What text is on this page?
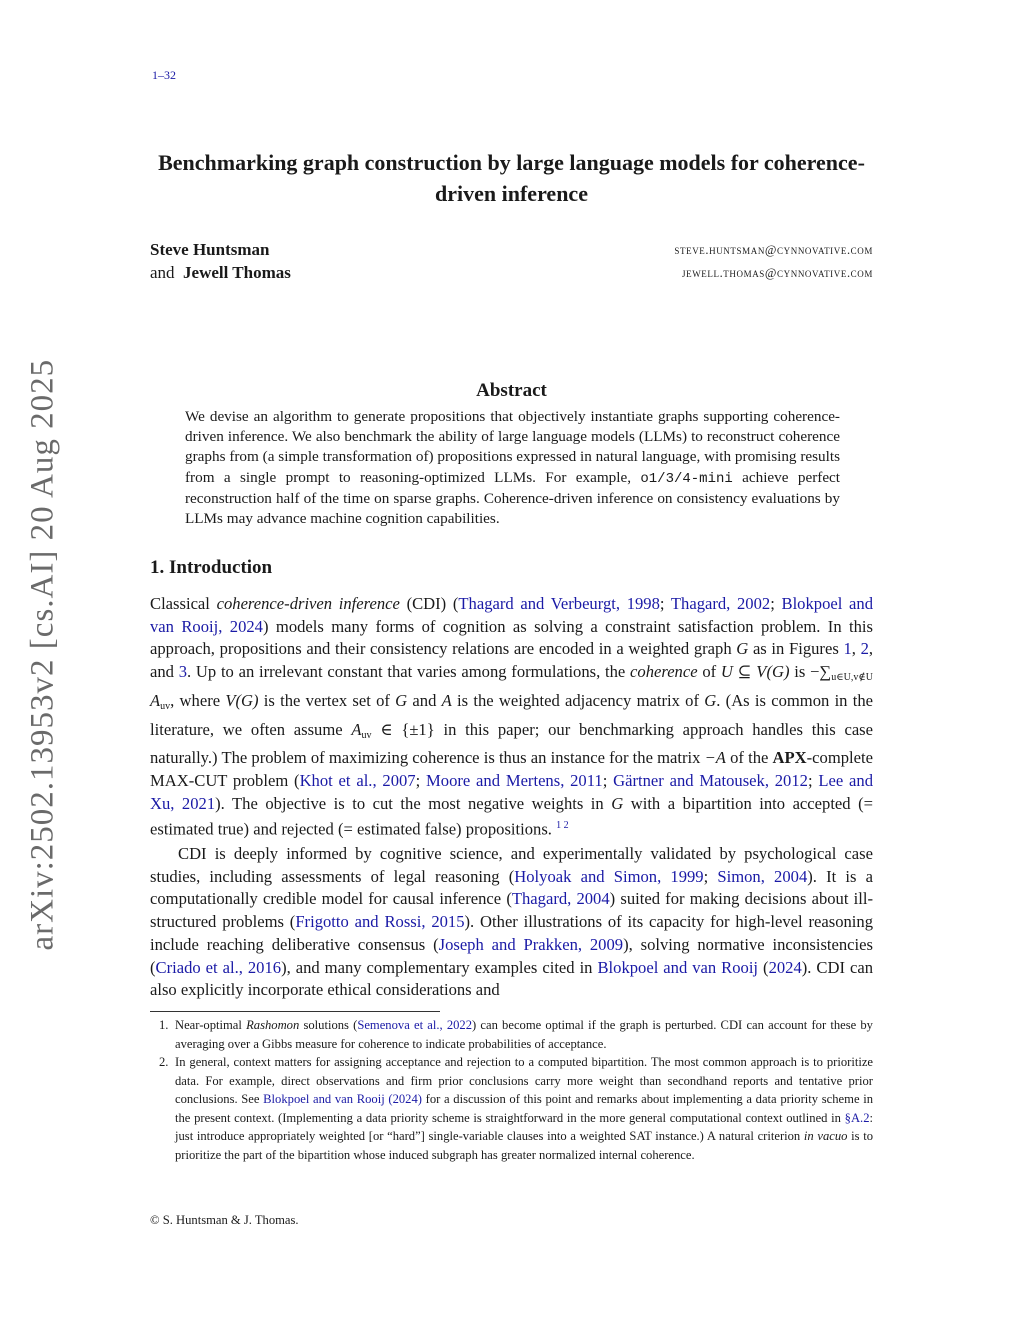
1–32
arXiv:2502.13953v2 [cs.AI] 20 Aug 2025
Benchmarking graph construction by large language models for coherence-driven inference
Steve Huntsman	steve.huntsman@cynnovative.com
and Jewell Thomas	jewell.thomas@cynnovative.com
Abstract
We devise an algorithm to generate propositions that objectively instantiate graphs supporting coherence-driven inference. We also benchmark the ability of large language models (LLMs) to reconstruct coherence graphs from (a simple transformation of) propositions expressed in natural language, with promising results from a single prompt to reasoning-optimized LLMs. For example, o1/3/4-mini achieve perfect reconstruction half of the time on sparse graphs. Coherence-driven inference on consistency evaluations by LLMs may advance machine cognition capabilities.
1. Introduction
Classical coherence-driven inference (CDI) (Thagard and Verbeurgt, 1998; Thagard, 2002; Blokpoel and van Rooij, 2024) models many forms of cognition as solving a constraint satisfaction problem. In this approach, propositions and their consistency relations are encoded in a weighted graph G as in Figures 1, 2, and 3. Up to an irrelevant constant that varies among formulations, the coherence of U ⊆ V(G) is $-\sum_{u\in U,v\notin U}$ $A_{uv}$, where V(G) is the vertex set of G and A is the weighted adjacency matrix of G. (As is common in the literature, we often assume $A_{uv}$ ∈ {±1} in this paper; our benchmarking approach handles this case naturally.) The problem of maximizing coherence is thus an instance for the matrix −A of the APX-complete MAX-CUT problem (Khot et al., 2007; Moore and Mertens, 2011; Gärtner and Matousek, 2012; Lee and Xu, 2021). The objective is to cut the most negative weights in G with a bipartition into accepted (= estimated true) and rejected (= estimated false) propositions. $^{1 2}$
CDI is deeply informed by cognitive science, and experimentally validated by psychological case studies, including assessments of legal reasoning (Holyoak and Simon, 1999; Simon, 2004). It is a computationally credible model for causal inference (Thagard, 2004) suited for making decisions about ill-structured problems (Frigotto and Rossi, 2015). Other illustrations of its capacity for high-level reasoning include reaching deliberative consensus (Joseph and Prakken, 2009), solving normative inconsistencies (Criado et al., 2016), and many complementary examples cited in Blokpoel and van Rooij (2024). CDI can also explicitly incorporate ethical considerations and
1. Near-optimal Rashomon solutions (Semenova et al., 2022) can become optimal if the graph is perturbed. CDI can account for these by averaging over a Gibbs measure for coherence to indicate probabilities of acceptance.
2. In general, context matters for assigning acceptance and rejection to a computed bipartition. The most common approach is to prioritize data. For example, direct observations and firm prior conclusions carry more weight than secondhand reports and tentative prior conclusions. See Blokpoel and van Rooij (2024) for a discussion of this point and remarks about implementing a data priority scheme in the present context. (Implementing a data priority scheme is straightforward in the more general computational context outlined in §A.2: just introduce appropriately weighted [or “hard”] single-variable clauses into a weighted SAT instance.) A natural criterion in vacuo is to prioritize the part of the bipartition whose induced subgraph has greater normalized internal coherence.
© S. Huntsman & J. Thomas.
